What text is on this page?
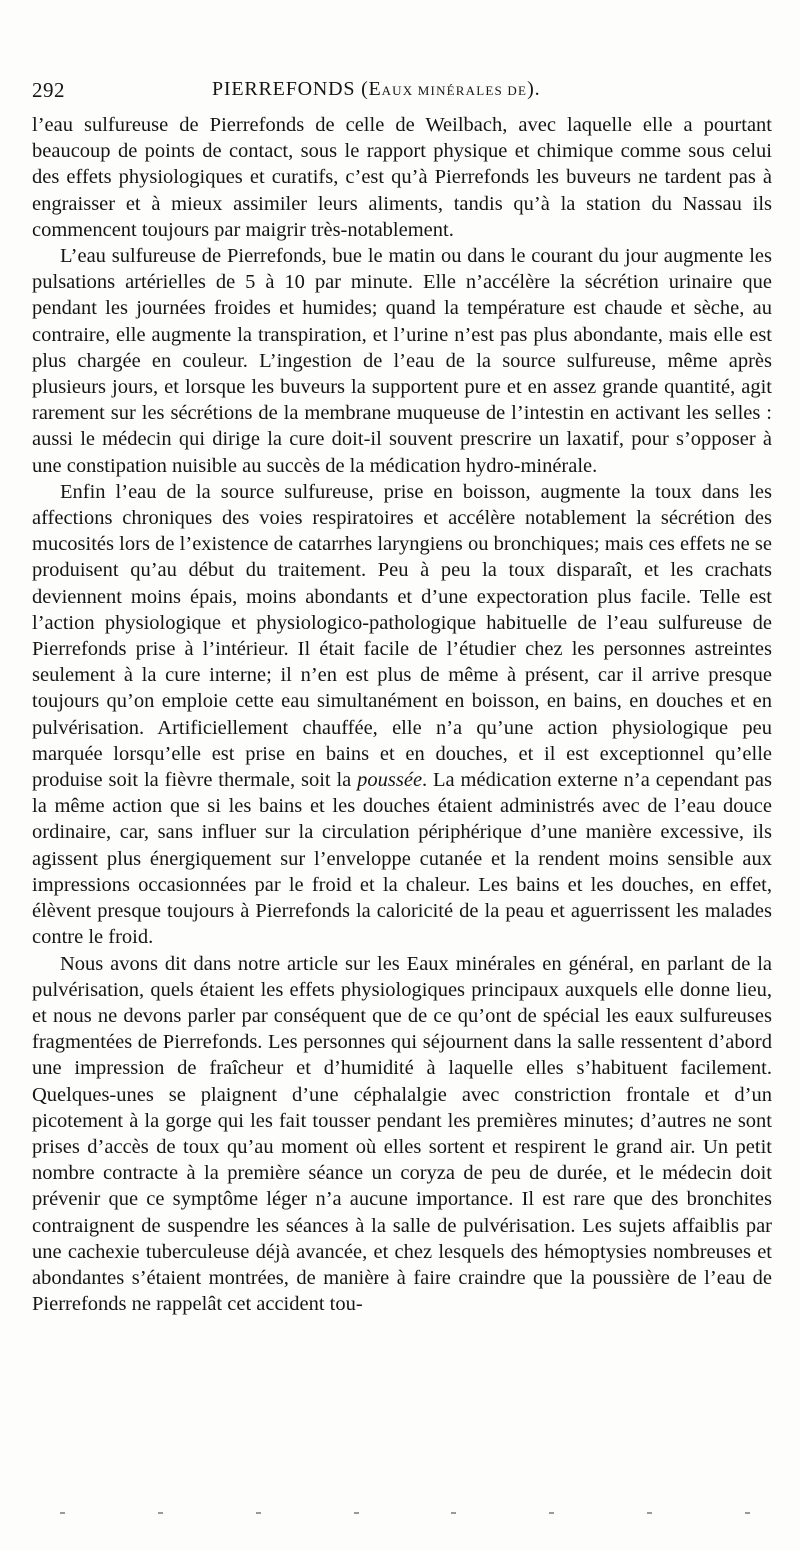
292	PIERREFONDS (EAUX MINÉRALES DE).

l’eau sulfureuse de Pierrefonds de celle de Weilbach, avec laquelle elle a pourtant beaucoup de points de contact, sous le rapport physique et chimique comme sous celui des effets physiologiques et curatifs, c’est qu’à Pierrefonds les buveurs ne tardent pas à engraisser et à mieux assimiler leurs aliments, tandis qu’à la station du Nassau ils commencent toujours par maigrir très-notablement.

L’eau sulfureuse de Pierrefonds, bue le matin ou dans le courant du jour augmente les pulsations artérielles de 5 à 10 par minute. Elle n’accélère la sécrétion urinaire que pendant les journées froides et humides; quand la température est chaude et sèche, au contraire, elle augmente la transpiration, et l’urine n’est pas plus abondante, mais elle est plus chargée en couleur. L’ingestion de l’eau de la source sulfureuse, même après plusieurs jours, et lorsque les buveurs la supportent pure et en assez grande quantité, agit rarement sur les sécrétions de la membrane muqueuse de l’intestin en activant les selles : aussi le médecin qui dirige la cure doit-il souvent prescrire un laxatif, pour s’opposer à une constipation nuisible au succès de la médication hydro-minérale.

Enfin l’eau de la source sulfureuse, prise en boisson, augmente la toux dans les affections chroniques des voies respiratoires et accélère notablement la sécrétion des mucosités lors de l’existence de catarrhes laryngiens ou bronchiques; mais ces effets ne se produisent qu’au début du traitement. Peu à peu la toux disparaît, et les crachats deviennent moins épais, moins abondants et d’une expectoration plus facile. Telle est l’action physiologique et physiologico-pathologique habituelle de l’eau sulfureuse de Pierrefonds prise à l’intérieur. Il était facile de l’étudier chez les personnes astreintes seulement à la cure interne; il n’en est plus de même à présent, car il arrive presque toujours qu’on emploie cette eau simultanément en boisson, en bains, en douches et en pulvérisation. Artificiellement chauffée, elle n’a qu’une action physiologique peu marquée lorsqu’elle est prise en bains et en douches, et il est exceptionnel qu’elle produise soit la fièvre thermale, soit la poussée. La médication externe n’a cependant pas la même action que si les bains et les douches étaient administrés avec de l’eau douce ordinaire, car, sans influer sur la circulation périphérique d’une manière excessive, ils agissent plus énergiquement sur l’enveloppe cutanée et la rendent moins sensible aux impressions occasionnées par le froid et la chaleur. Les bains et les douches, en effet, élèvent presque toujours à Pierrefonds la caloricité de la peau et aguerrissent les malades contre le froid.

Nous avons dit dans notre article sur les Eaux minérales en général, en parlant de la pulvérisation, quels étaient les effets physiologiques principaux auxquels elle donne lieu, et nous ne devons parler par conséquent que de ce qu’ont de spécial les eaux sulfureuses fragmentées de Pierrefonds. Les personnes qui séjournent dans la salle ressentent d’abord une impression de fraîcheur et d’humidité à laquelle elles s’habituent facilement. Quelques-unes se plaignent d’une céphalalgie avec constriction frontale et d’un picotement à la gorge qui les fait tousser pendant les premières minutes; d’autres ne sont prises d’accès de toux qu’au moment où elles sortent et respirent le grand air. Un petit nombre contracte à la première séance un coryza de peu de durée, et le médecin doit prévenir que ce symptôme léger n’a aucune importance. Il est rare que des bronchites contraignent de suspendre les séances à la salle de pulvérisation. Les sujets affaiblis par une cachexie tuberculeuse déjà avancée, et chez lesquels des hémoptysies nombreuses et abondantes s’étaient montrées, de manière à faire craindre que la poussière de l’eau de Pierrefonds ne rappelât cet accident tou-
